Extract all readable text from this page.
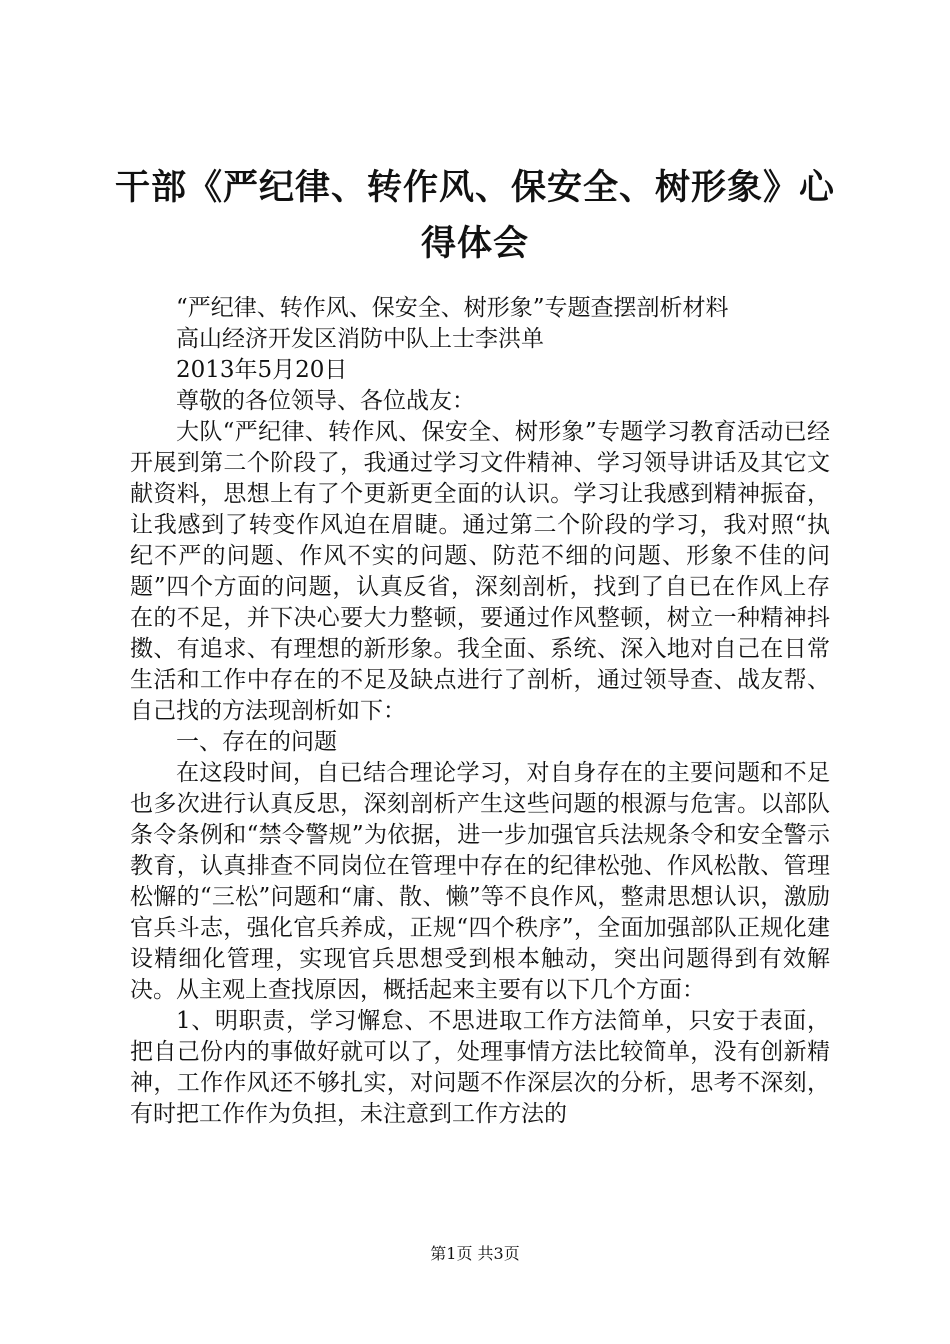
干部《严纪律、转作风、保安全、树形象》心得体会

“严纪律、转作风、保安全、树形象”专题查摆剖析材料

高山经济开发区消防中队上士李洪单

2013年5月20日

尊敬的各位领导、各位战友：

大队“严纪律、转作风、保安全、树形象”专题学习教育活动已经开展到第二个阶段了，我通过学习文件精神、学习领导讲话及其它文献资料，思想上有了个更新更全面的认识。学习让我感到精神振奋，让我感到了转变作风迫在眉睫。通过第二个阶段的学习，我对照“执纪不严的问题、作风不实的问题、防范不细的问题、形象不佳的问题”四个方面的问题，认真反省，深刻剖析，找到了自已在作风上存在的不足，并下决心要大力整顿，要通过作风整顿，树立一种精神抖擞、有追求、有理想的新形象。我全面、系统、深入地对自己在日常生活和工作中存在的不足及缺点进行了剖析，通过领导查、战友帮、自己找的方法现剖析如下：

一、存在的问题

在这段时间，自已结合理论学习，对自身存在的主要问题和不足也多次进行认真反思，深刻剖析产生这些问题的根源与危害。以部队条令条例和“禁令警规”为依据，进一步加强官兵法规条令和安全警示教育，认真排查不同岗位在管理中存在的纪律松弛、作风松散、管理松懈的“三松”问题和“庸、散、懒”等不良作风，整肃思想认识，激励官兵斗志，强化官兵养成，正规“四个秩序”，全面加强部队正规化建设精细化管理，实现官兵思想受到根本触动，突出问题得到有效解决。从主观上查找原因，概括起来主要有以下几个方面：

1、明职责，学习懈怠、不思进取工作方法简单，只安于表面，把自己份内的事做好就可以了，处理事情方法比较简单，没有创新精神，工作作风还不够扎实，对问题不作深层次的分析，思考不深刻，有时把工作作为负担，未注意到工作方法的

第1页 共3页
